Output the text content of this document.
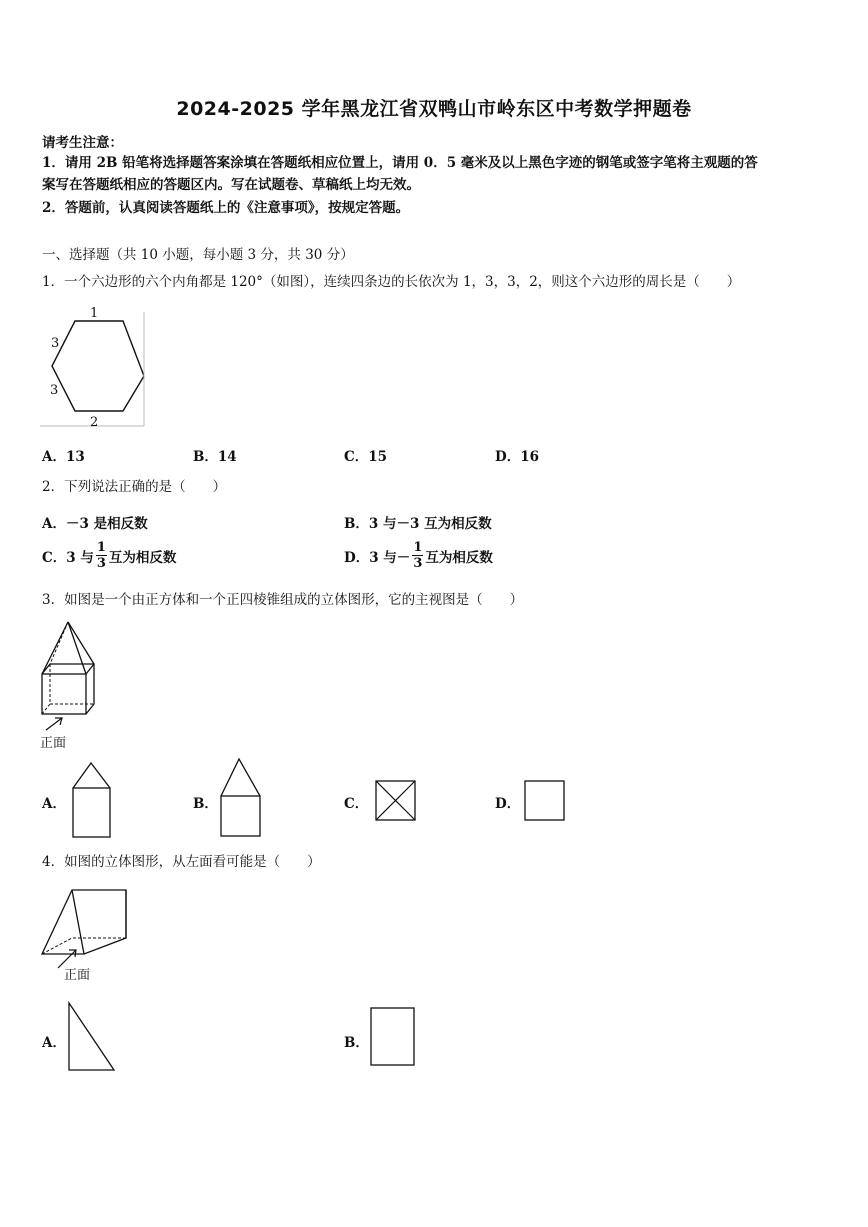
2024-2025 学年黑龙江省双鸭山市岭东区中考数学押题卷
请考生注意：
1．请用 2B 铅笔将选择题答案涂填在答题纸相应位置上，请用 0．5 毫米及以上黑色字迹的钢笔或签字笔将主观题的答
案写在答题纸相应的答题区内。写在试题卷、草稿纸上均无效。
2．答题前，认真阅读答题纸上的《注意事项》，按规定答题。
一、选择题（共 10 小题，每小题 3 分，共 30 分）
1．一个六边形的六个内角都是 120°（如图），连续四条边的长依次为 1，3，3，2，则这个六边形的周长是（　　）
1
3
3
2
A．13	B．14	C．15	D．16
2．下列说法正确的是（　　）
A．－3 是相反数	B．3 与－3 互为相反数
C．3 与 $\frac{1}{3}$ 互为相反数	D．3 与－ $\frac{1}{3}$ 互为相反数
3．如图是一个由正方体和一个正四棱锥组成的立体图形，它的主视图是（　　）
正面
A．	B．	C．	D．
4．如图的立体图形，从左面看可能是（　　）
正面
A．	B．
